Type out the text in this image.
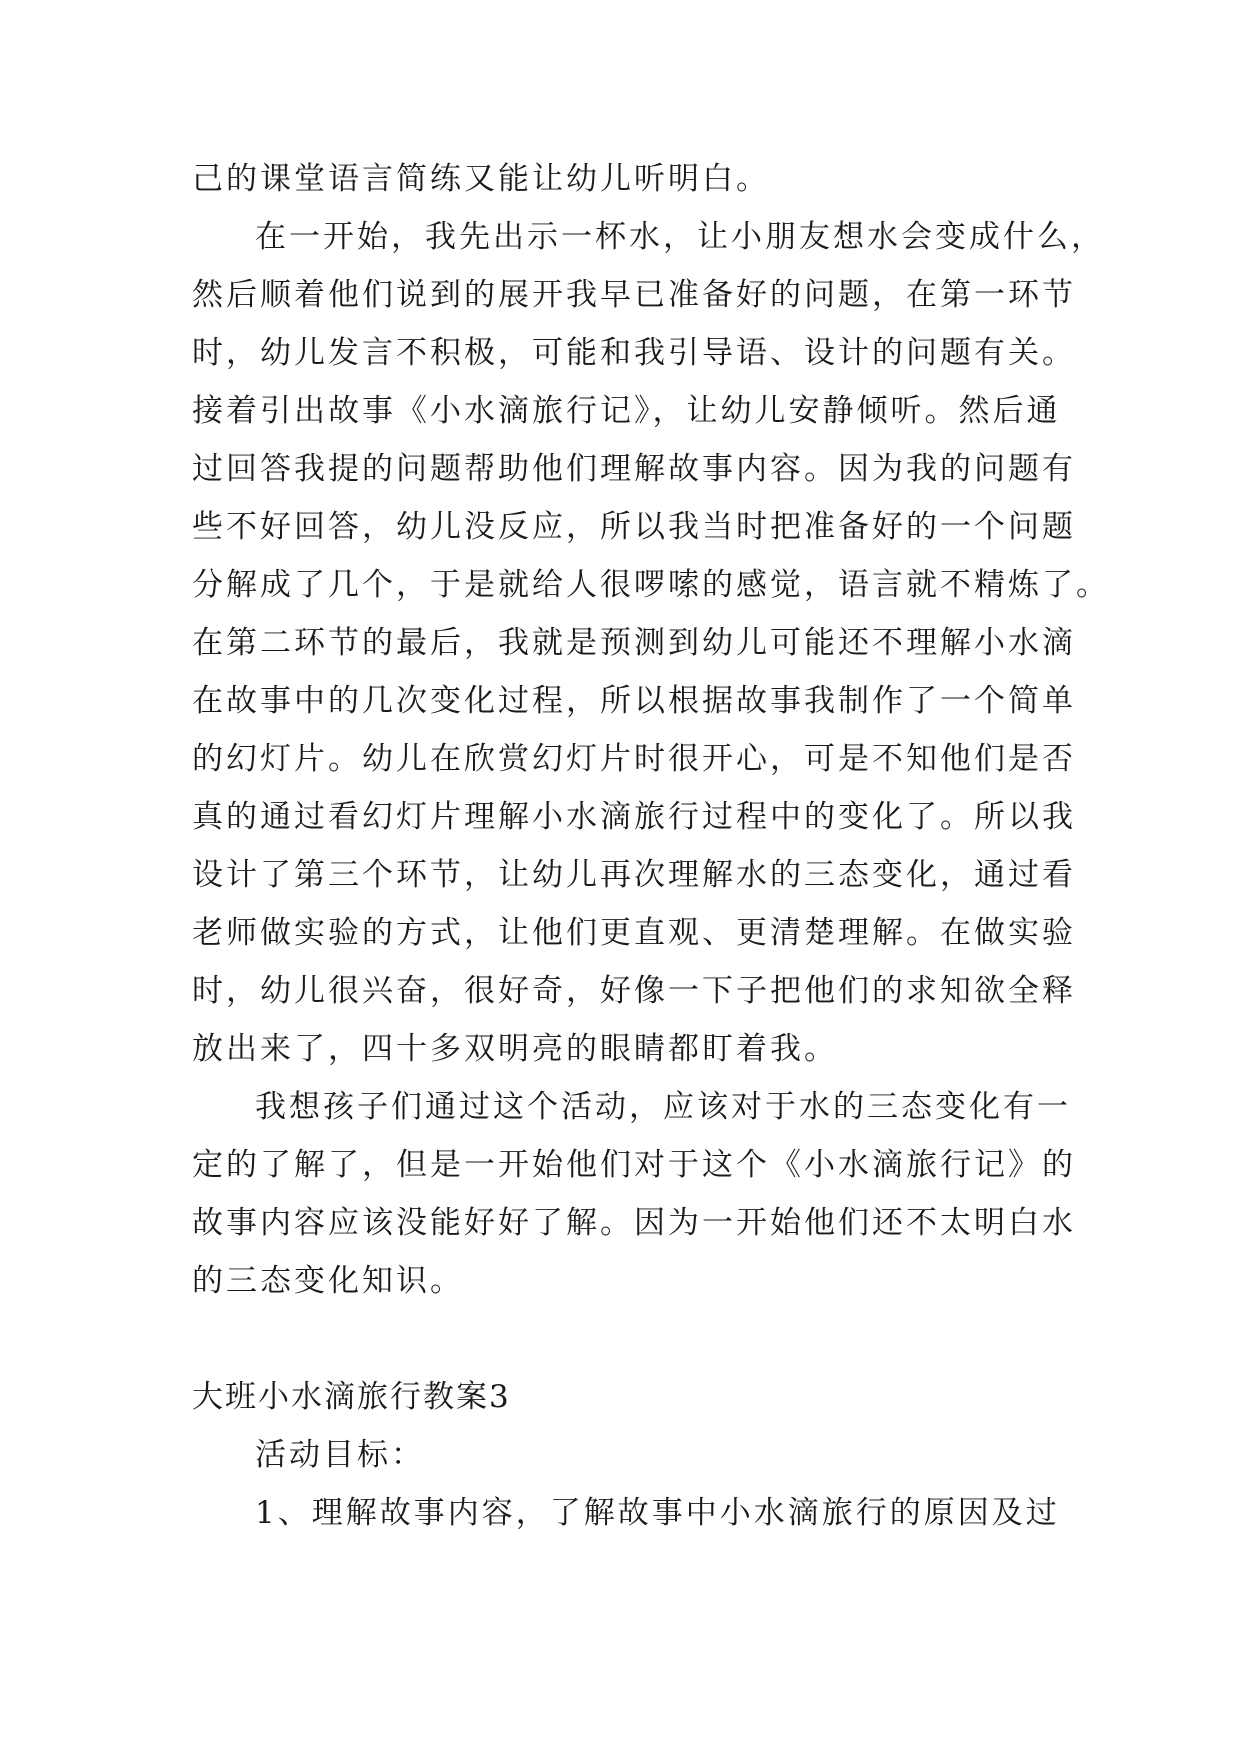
己的课堂语言简练又能让幼儿听明白。
在一开始，我先出示一杯水，让小朋友想水会变成什么，
然后顺着他们说到的展开我早已准备好的问题，在第一环节
时，幼儿发言不积极，可能和我引导语、设计的问题有关。
接着引出故事《小水滴旅行记》，让幼儿安静倾听。然后通
过回答我提的问题帮助他们理解故事内容。因为我的问题有
些不好回答，幼儿没反应，所以我当时把准备好的一个问题
分解成了几个，于是就给人很啰嗦的感觉，语言就不精炼了。
在第二环节的最后，我就是预测到幼儿可能还不理解小水滴
在故事中的几次变化过程，所以根据故事我制作了一个简单
的幻灯片。幼儿在欣赏幻灯片时很开心，可是不知他们是否
真的通过看幻灯片理解小水滴旅行过程中的变化了。所以我
设计了第三个环节，让幼儿再次理解水的三态变化，通过看
老师做实验的方式，让他们更直观、更清楚理解。在做实验
时，幼儿很兴奋，很好奇，好像一下子把他们的求知欲全释
放出来了，四十多双明亮的眼睛都盯着我。
我想孩子们通过这个活动，应该对于水的三态变化有一
定的了解了，但是一开始他们对于这个《小水滴旅行记》的
故事内容应该没能好好了解。因为一开始他们还不太明白水
的三态变化知识。
大班小水滴旅行教案3
活动目标：
1、理解故事内容，了解故事中小水滴旅行的原因及过
